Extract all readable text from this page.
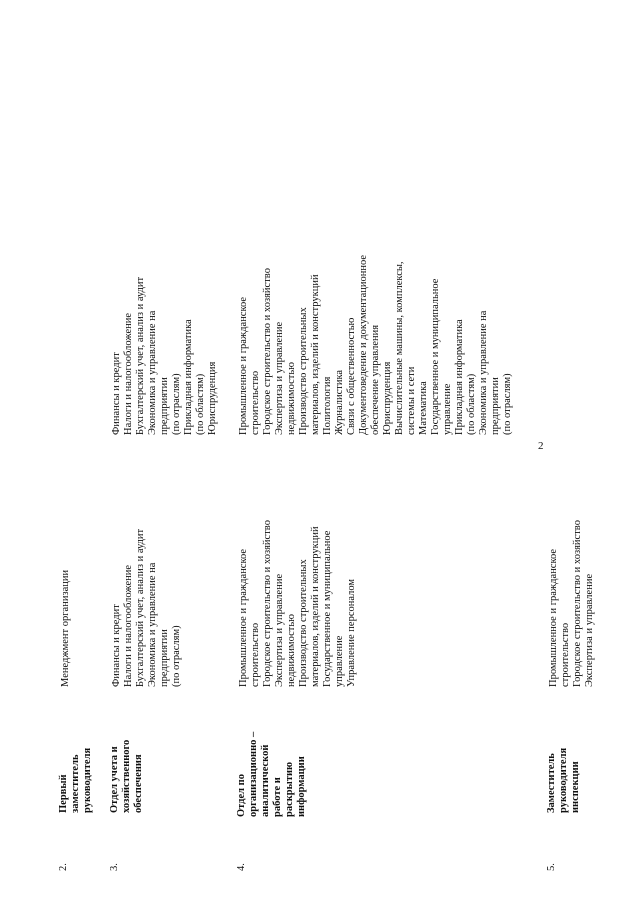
2
2.
Первый
заместитель
руководителя
Менеджмент организации
3.
Отдел учета и
хозяйственного
обеспечения
Финансы и кредит
Налоги и налогообложение
Бухгалтерский учет, анализ и аудит
Экономика и управление на
предприятии
(по отраслям)
Финансы и кредит
Налоги и налогообложение
Бухгалтерский учет, анализ и аудит
Экономика и управление на
предприятии
(по отраслям)
Прикладная информатика
(по областям)
Юриспруденция
4.
Отдел по
организационно –
аналитической
работе и
раскрытию
информации
Промышленное и гражданское
строительство
Городское строительство и хозяйство
Экспертиза и управление
недвижимостью
Производство строительных
материалов, изделий и конструкций
Государственное и муниципальное
управление
Управление персоналом
Промышленное и гражданское
строительство
Городское строительство и хозяйство
Экспертиза и управление
недвижимостью
Производство строительных
материалов, изделий и конструкций
Политология
Журналистика
Связи с общественностью
Документоведение и документационное
обеспечение управления
Юриспруденция
Вычислительные машины, комплексы,
системы и сети
Математика
Государственное и муниципальное
управление
Прикладная информатика
(по областям)
Экономика и управление на
предприятии
(по отраслям)
5.
Заместитель
руководителя
инспекции
Промышленное и гражданское
строительство
Городское строительство и хозяйство
Экспертиза и управление
